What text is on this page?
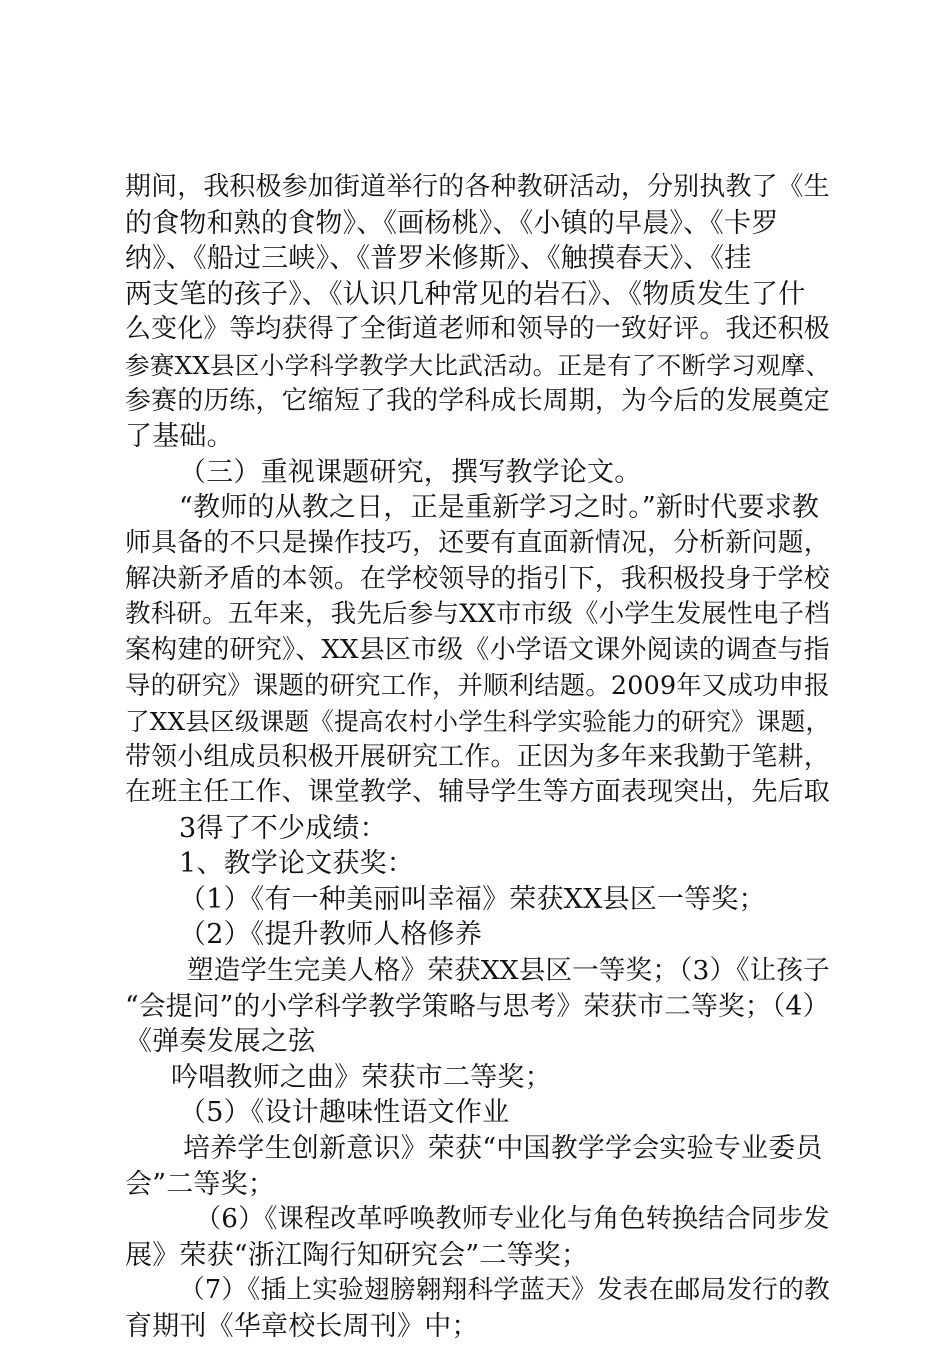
期间，我积极参加街道举行的各种教研活动，分别执教了《生
的食物和熟的食物》、《画杨桃》、《小镇的早晨》、《卡罗
纳》、《船过三峡》、《普罗米修斯》、《触摸春天》、《挂
两支笔的孩子》、《认识几种常见的岩石》、《物质发生了什
么变化》等均获得了全街道老师和领导的一致好评。我还积极
参赛XX县区小学科学教学大比武活动。正是有了不断学习观摩、
参赛的历练，它缩短了我的学科成长周期，为今后的发展奠定
了基础。
（三）重视课题研究，撰写教学论文。
“教师的从教之日，正是重新学习之时。”新时代要求教
师具备的不只是操作技巧，还要有直面新情况，分析新问题，
解决新矛盾的本领。在学校领导的指引下，我积极投身于学校
教科研。五年来，我先后参与XX市市级《小学生发展性电子档
案构建的研究》、XX县区市级《小学语文课外阅读的调查与指
导的研究》课题的研究工作，并顺利结题。2009年又成功申报
了XX县区级课题《提高农村小学生科学实验能力的研究》课题，
带领小组成员积极开展研究工作。正因为多年来我勤于笔耕，
在班主任工作、课堂教学、辅导学生等方面表现突出，先后取
3得了不少成绩：
1、教学论文获奖：
（1）《有一种美丽叫幸福》荣获XX县区一等奖；
（2）《提升教师人格修养
塑造学生完美人格》荣获XX县区一等奖；（3）《让孩子
“会提问”的小学科学教学策略与思考》荣获市二等奖；（4）
《弹奏发展之弦
吟唱教师之曲》荣获市二等奖；
（5）《设计趣味性语文作业
培养学生创新意识》荣获“中国教学学会实验专业委员
会”二等奖；
（6）《课程改革呼唤教师专业化与角色转换结合同步发
展》荣获“浙江陶行知研究会”二等奖；
（7）《插上实验翅膀翱翔科学蓝天》发表在邮局发行的教
育期刊《华章校长周刊》中；
